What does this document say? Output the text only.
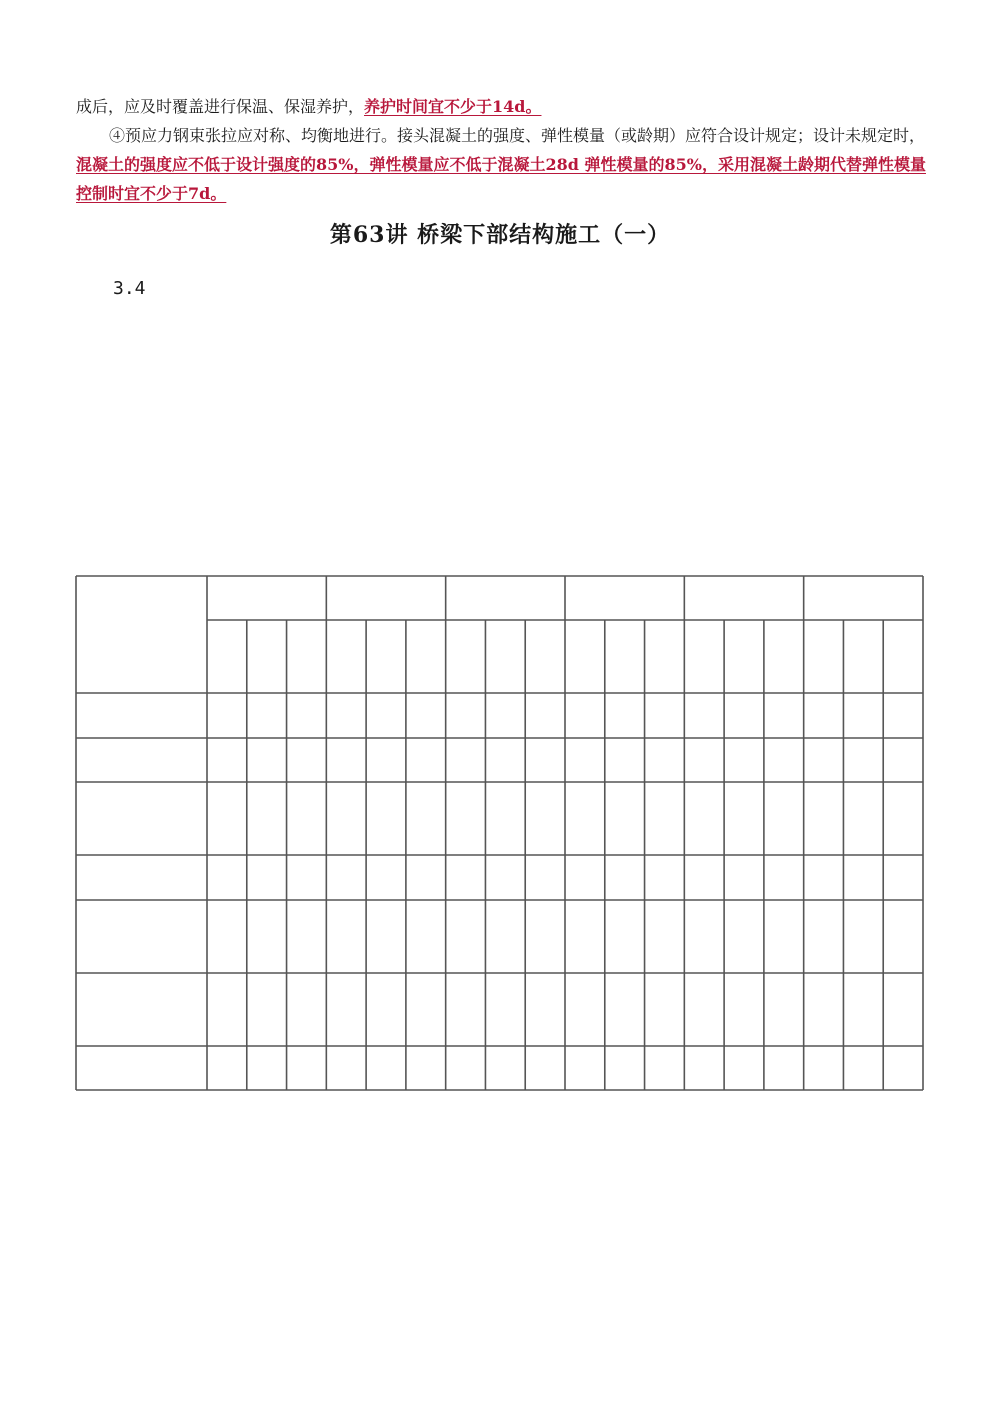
成后，应及时覆盖进行保温、保湿养护，养护时间宜不少于14d。

④预应力钢束张拉应对称、均衡地进行。接头混凝土的强度、弹性模量（或龄期）应符合设计规定；设计未规定时，混凝土的强度应不低于设计强度的85%，弹性模量应不低于混凝土28d 弹性模量的85%，采用混凝土龄期代替弹性模量控制时宜不少于7d。

第63讲 桥梁下部结构施工（一）

3.4
